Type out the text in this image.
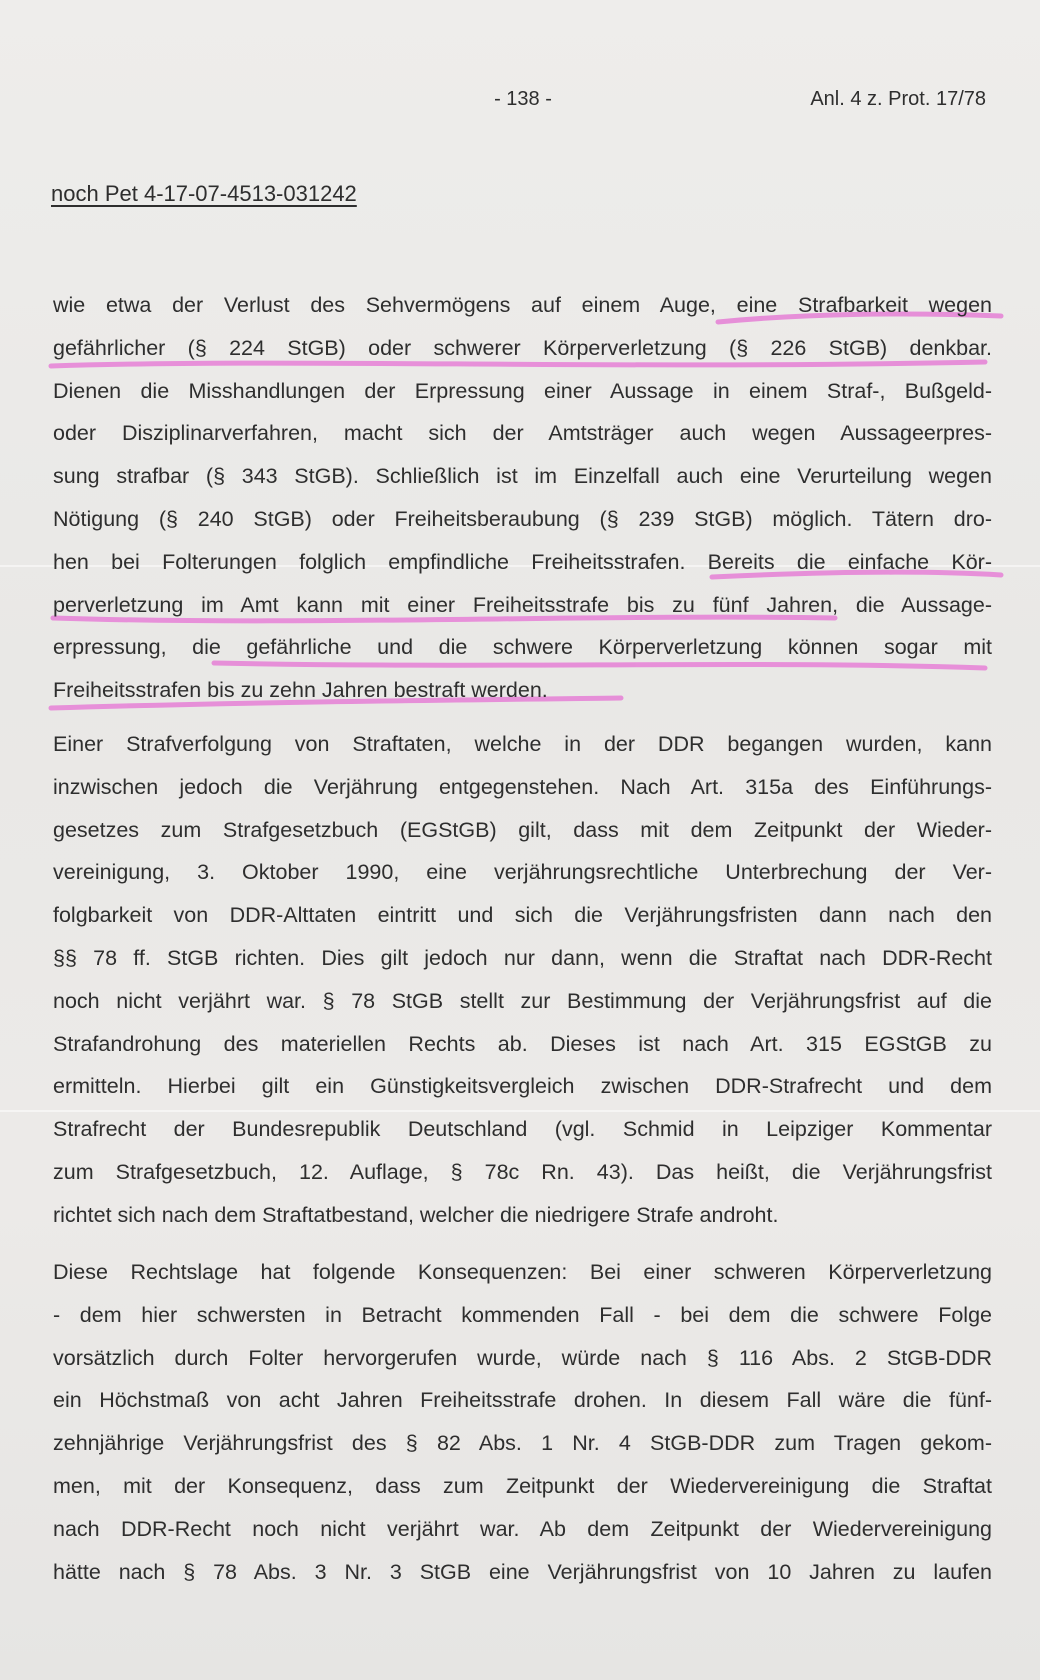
- 138 -	Anl. 4 z. Prot. 17/78
noch Pet 4-17-07-4513-031242
wie etwa der Verlust des Sehvermögens auf einem Auge, eine Strafbarkeit wegen
gefährlicher (§ 224 StGB) oder schwerer Körperverletzung (§ 226 StGB) denkbar.
Dienen die Misshandlungen der Erpressung einer Aussage in einem Straf-, Bußgeld-
oder Disziplinarverfahren, macht sich der Amtsträger auch wegen Aussageerpres-
sung strafbar (§ 343 StGB). Schließlich ist im Einzelfall auch eine Verurteilung wegen
Nötigung (§ 240 StGB) oder Freiheitsberaubung (§ 239 StGB) möglich. Tätern dro-
hen bei Folterungen folglich empfindliche Freiheitsstrafen. Bereits die einfache Kör-
perverletzung im Amt kann mit einer Freiheitsstrafe bis zu fünf Jahren, die Aussage-
erpressung, die gefährliche und die schwere Körperverletzung können sogar mit
Freiheitsstrafen bis zu zehn Jahren bestraft werden.
Einer Strafverfolgung von Straftaten, welche in der DDR begangen wurden, kann
inzwischen jedoch die Verjährung entgegenstehen. Nach Art. 315a des Einführungs-
gesetzes zum Strafgesetzbuch (EGStGB) gilt, dass mit dem Zeitpunkt der Wieder-
vereinigung, 3. Oktober 1990, eine verjährungsrechtliche Unterbrechung der Ver-
folgbarkeit von DDR-Alttaten eintritt und sich die Verjährungsfristen dann nach den
§§ 78 ff. StGB richten. Dies gilt jedoch nur dann, wenn die Straftat nach DDR-Recht
noch nicht verjährt war. § 78 StGB stellt zur Bestimmung der Verjährungsfrist auf die
Strafandrohung des materiellen Rechts ab. Dieses ist nach Art. 315 EGStGB zu
ermitteln. Hierbei gilt ein Günstigkeitsvergleich zwischen DDR-Strafrecht und dem
Strafrecht der Bundesrepublik Deutschland (vgl. Schmid in Leipziger Kommentar
zum Strafgesetzbuch, 12. Auflage, § 78c Rn. 43). Das heißt, die Verjährungsfrist
richtet sich nach dem Straftatbestand, welcher die niedrigere Strafe androht.
Diese Rechtslage hat folgende Konsequenzen: Bei einer schweren Körperverletzung
- dem hier schwersten in Betracht kommenden Fall - bei dem die schwere Folge
vorsätzlich durch Folter hervorgerufen wurde, würde nach § 116 Abs. 2 StGB-DDR
ein Höchstmaß von acht Jahren Freiheitsstrafe drohen. In diesem Fall wäre die fünf-
zehnjährige Verjährungsfrist des § 82 Abs. 1 Nr. 4 StGB-DDR zum Tragen gekom-
men, mit der Konsequenz, dass zum Zeitpunkt der Wiedervereinigung die Straftat
nach DDR-Recht noch nicht verjährt war. Ab dem Zeitpunkt der Wiedervereinigung
hätte nach § 78 Abs. 3 Nr. 3 StGB eine Verjährungsfrist von 10 Jahren zu laufen
